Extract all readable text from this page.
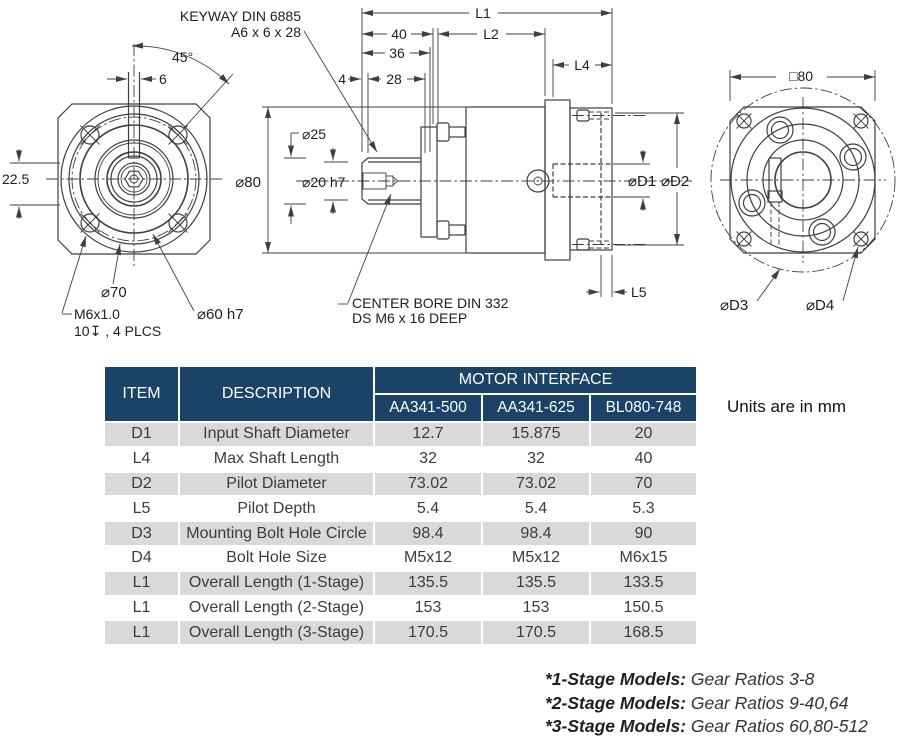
45°
6
22.5
⌀70
⌀60 h7
M6x1.0
10↧ , 4 PLCS
KEYWAY DIN 6885
A6 x 6 x 28
L1
40	L2
36
L4
28
4
⌀80
⌀25
⌀20 h7	⌀D1 ⌀D2
L5
CENTER BORE DIN 332
DS M6 x 16 DEEP
□80
⌀D3	⌀D4
ITEM	DESCRIPTION	MOTOR INTERFACE		
		AA341-500	AA341-625	BL080-748
D1	Input Shaft Diameter	12.7	15.875	20
L4	Max Shaft Length	32	32	40
D2	Pilot Diameter	73.02	73.02	70
L5	Pilot Depth	5.4	5.4	5.3
D3	Mounting Bolt Hole Circle	98.4	98.4	90
D4	Bolt Hole Size	M5x12	M5x12	M6x15
L1	Overall Length (1-Stage)	135.5	135.5	133.5
L1	Overall Length (2-Stage)	153	153	150.5
L1	Overall Length (3-Stage)	170.5	170.5	168.5
Units are in mm
*1-Stage Models: Gear Ratios 3-8
*2-Stage Models: Gear Ratios 9-40,64
*3-Stage Models: Gear Ratios 60,80-512
